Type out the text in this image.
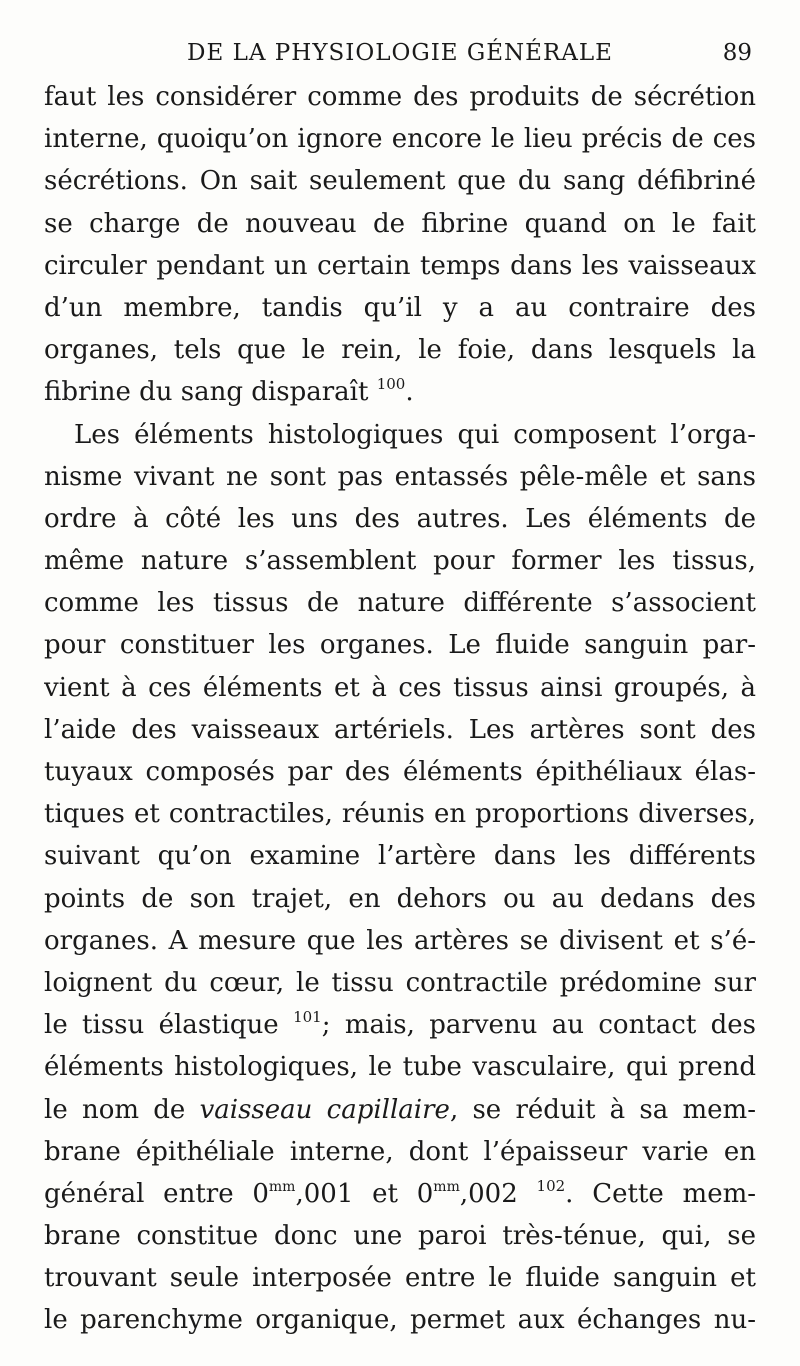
DE LA PHYSIOLOGIE GÉNÉRALE	89
faut les considérer comme des produits de sécrétion
interne, quoiqu’on ignore encore le lieu précis de ces
sécrétions. On sait seulement que du sang défibriné
se charge de nouveau de fibrine quand on le fait
circuler pendant un certain temps dans les vaisseaux
d’un membre, tandis qu’il y a au contraire des
organes, tels que le rein, le foie, dans lesquels la
fibrine du sang disparaît $^{100}$.
Les éléments histologiques qui composent l’orga-
nisme vivant ne sont pas entassés pêle-mêle et sans
ordre à côté les uns des autres. Les éléments de
même nature s’assemblent pour former les tissus,
comme les tissus de nature différente s’associent
pour constituer les organes. Le fluide sanguin par-
vient à ces éléments et à ces tissus ainsi groupés, à
l’aide des vaisseaux artériels. Les artères sont des
tuyaux composés par des éléments épithéliaux élas-
tiques et contractiles, réunis en proportions diverses,
suivant qu’on examine l’artère dans les différents
points de son trajet, en dehors ou au dedans des
organes. A mesure que les artères se divisent et s’é-
loignent du cœur, le tissu contractile prédomine sur
le tissu élastique $^{101}$; mais, parvenu au contact des
éléments histologiques, le tube vasculaire, qui prend
le nom de vaisseau capillaire, se réduit à sa mem-
brane épithéliale interne, dont l’épaisseur varie en
général entre $0^{mm},001$ et $0^{mm},002$ $^{102}$. Cette mem-
brane constitue donc une paroi très-ténue, qui, se
trouvant seule interposée entre le fluide sanguin et
le parenchyme organique, permet aux échanges nu-
